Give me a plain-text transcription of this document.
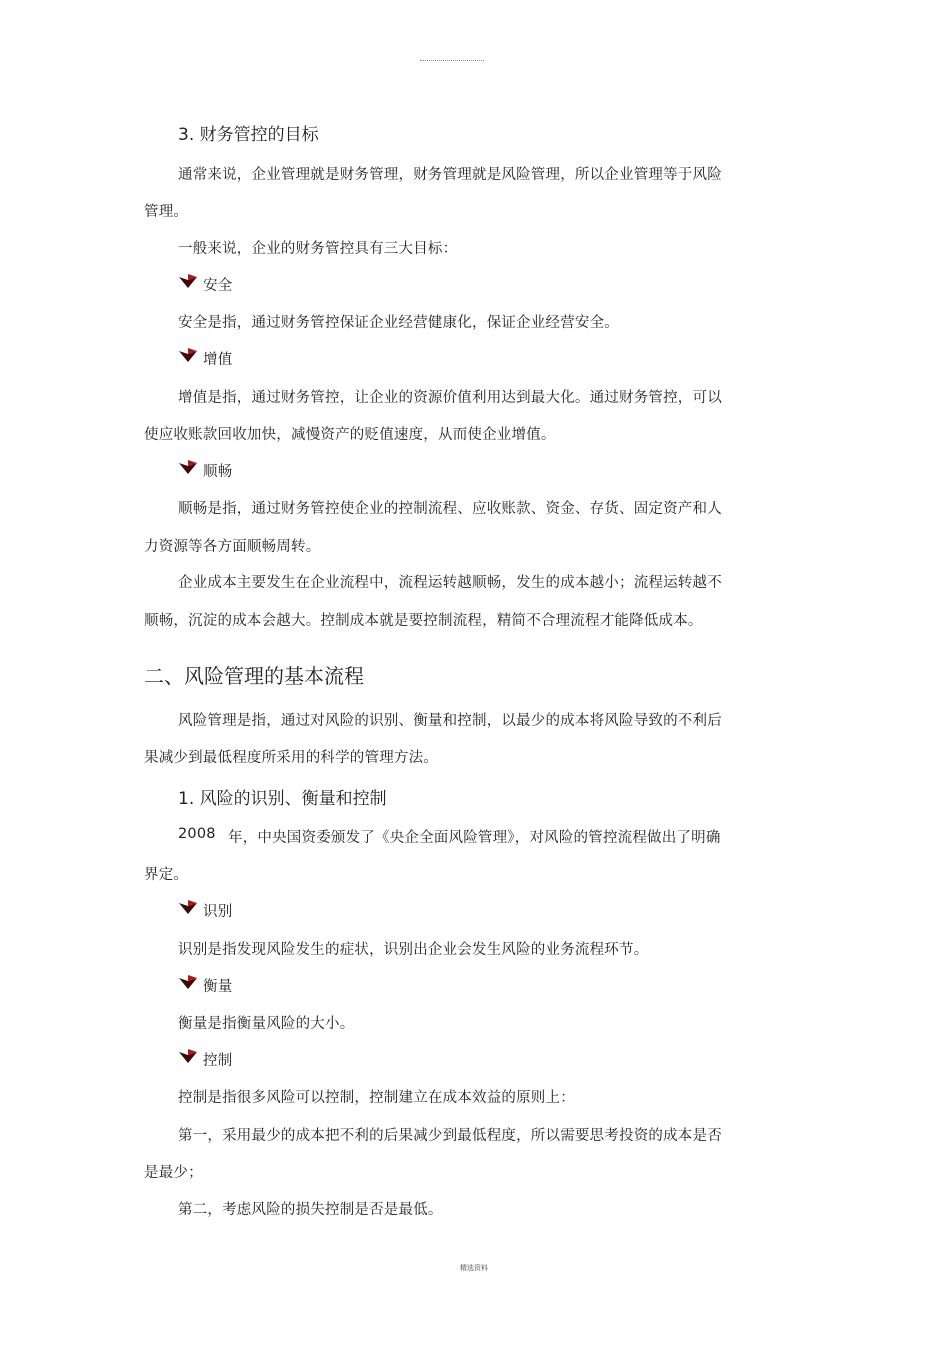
3. 财务管控的目标
通常来说，企业管理就是财务管理，财务管理就是风险管理，所以企业管理等于风险
管理。
一般来说，企业的财务管控具有三大目标：
安全
安全是指，通过财务管控保证企业经营健康化，保证企业经营安全。
增值
增值是指，通过财务管控，让企业的资源价值利用达到最大化。通过财务管控，可以
使应收账款回收加快，减慢资产的贬值速度，从而使企业增值。
顺畅
顺畅是指，通过财务管控使企业的控制流程、应收账款、资金、存货、固定资产和人
力资源等各方面顺畅周转。
企业成本主要发生在企业流程中，流程运转越顺畅，发生的成本越小；流程运转越不
顺畅，沉淀的成本会越大。控制成本就是要控制流程，精简不合理流程才能降低成本。
二、风险管理的基本流程
风险管理是指，通过对风险的识别、衡量和控制，以最少的成本将风险导致的不利后
果减少到最低程度所采用的科学的管理方法。
1. 风险的识别、衡量和控制
2008 年，中央国资委颁发了《央企全面风险管理》，对风险的管控流程做出了明确
界定。
识别
识别是指发现风险发生的症状，识别出企业会发生风险的业务流程环节。
衡量
衡量是指衡量风险的大小。
控制
控制是指很多风险可以控制，控制建立在成本效益的原则上：
第一，采用最少的成本把不利的后果减少到最低程度，所以需要思考投资的成本是否
是最少；
第二，考虑风险的损失控制是否是最低。
精选资料
